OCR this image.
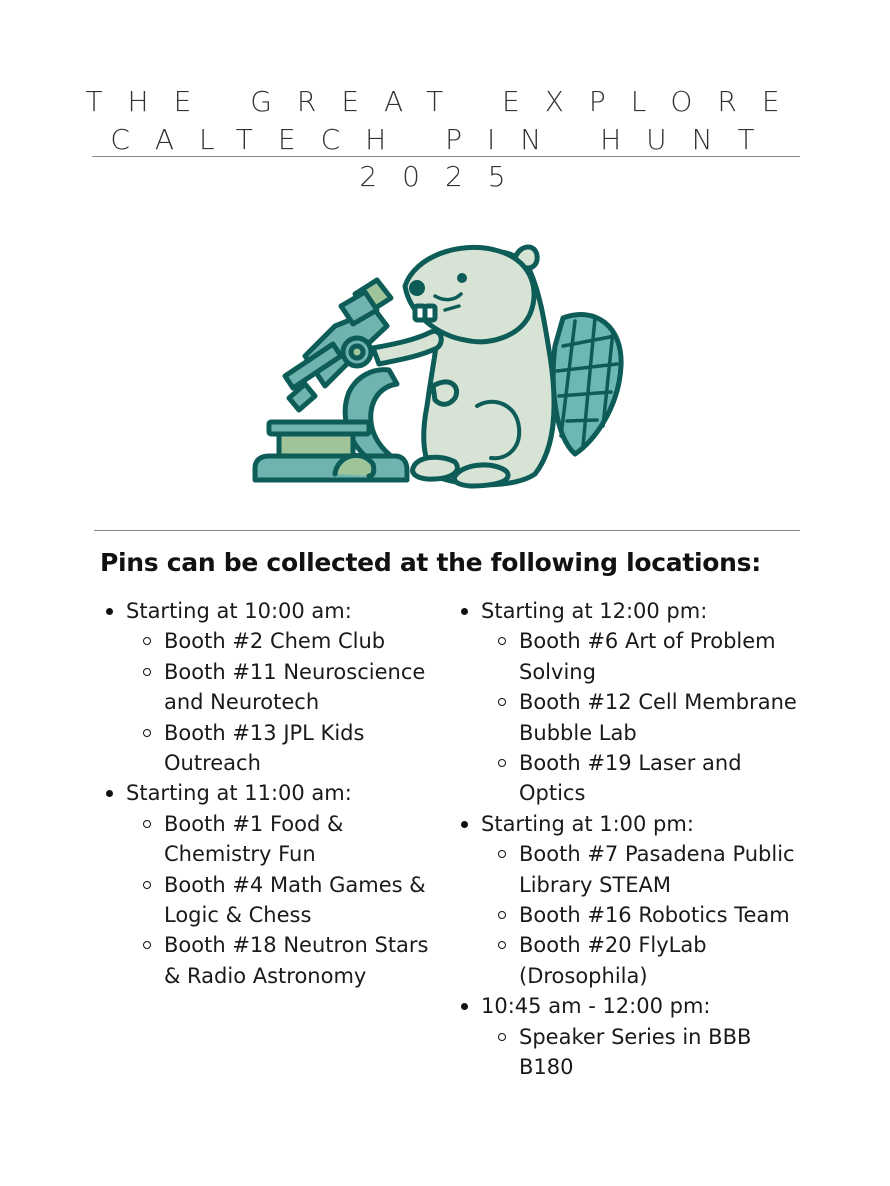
THE GREAT EXPLORE
CALTECH PIN HUNT
2025
Pins can be collected at the following locations:
Starting at 10:00 am:
Booth #2 Chem Club
Booth #11 Neuroscience and Neurotech
Booth #13 JPL Kids Outreach
Starting at 11:00 am:
Booth #1 Food & Chemistry Fun
Booth #4 Math Games & Logic & Chess
Booth #18 Neutron Stars & Radio Astronomy
Starting at 12:00 pm:
Booth #6 Art of Problem Solving
Booth #12 Cell Membrane Bubble Lab
Booth #19 Laser and Optics
Starting at 1:00 pm:
Booth #7 Pasadena Public Library STEAM
Booth #16 Robotics Team
Booth #20 FlyLab (Drosophila)
10:45 am - 12:00 pm:
Speaker Series in BBB B180
